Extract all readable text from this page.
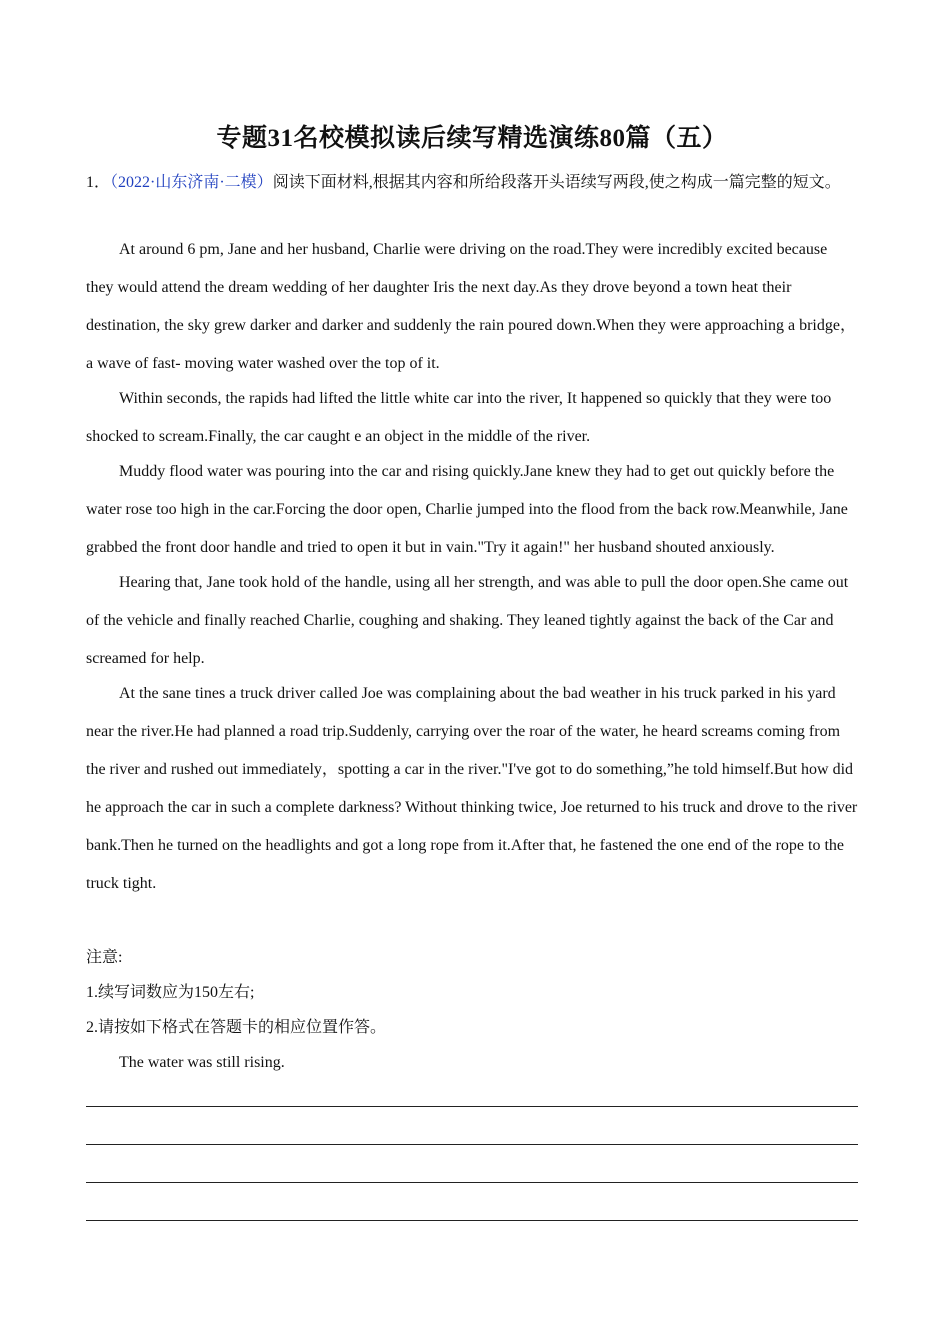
专题31名校模拟读后续写精选演练80篇（五）

1．（2022·山东济南·二模）阅读下面材料,根据其内容和所给段落开头语续写两段,使之构成一篇完整的短文。

At around 6 pm, Jane and her husband, Charlie were driving on the road.They were incredibly excited because they would attend the dream wedding of her daughter Iris the next day.As they drove beyond a town heat their destination, the sky grew darker and darker and suddenly the rain poured down.When they were approaching a bridge，a wave of fast- moving water washed over the top of it.

Within seconds, the rapids had lifted the little white car into the river, It happened so quickly that they were too shocked to scream.Finally, the car caught e an object in the middle of the river.

Muddy flood water was pouring into the car and rising quickly.Jane knew they had to get out quickly before the water rose too high in the car.Forcing the door open, Charlie jumped into the flood from the back row.Meanwhile, Jane grabbed the front door handle and tried to open it but in vain."Try it again!" her husband shouted anxiously.

Hearing that, Jane took hold of the handle, using all her strength, and was able to pull the door open.She came out of the vehicle and finally reached Charlie, coughing and shaking. They leaned tightly against the back of the Car and screamed for help.

At the sane tines a truck driver called Joe was complaining about the bad weather in his truck parked in his yard near the river.He had planned a road trip.Suddenly, carrying over the roar of the water, he heard screams coming from the river and rushed out immediately，spotting a car in the river."I've got to do something,”he told himself.But how did he approach the car in such a complete darkness? Without thinking twice, Joe returned to his truck and drove to the river bank.Then he turned on the headlights and got a long rope from it.After that, he fastened the one end of the rope to the truck tight.

注意:

1.续写词数应为150左右;

2.请按如下格式在答题卡的相应位置作答。

The water was still rising.
